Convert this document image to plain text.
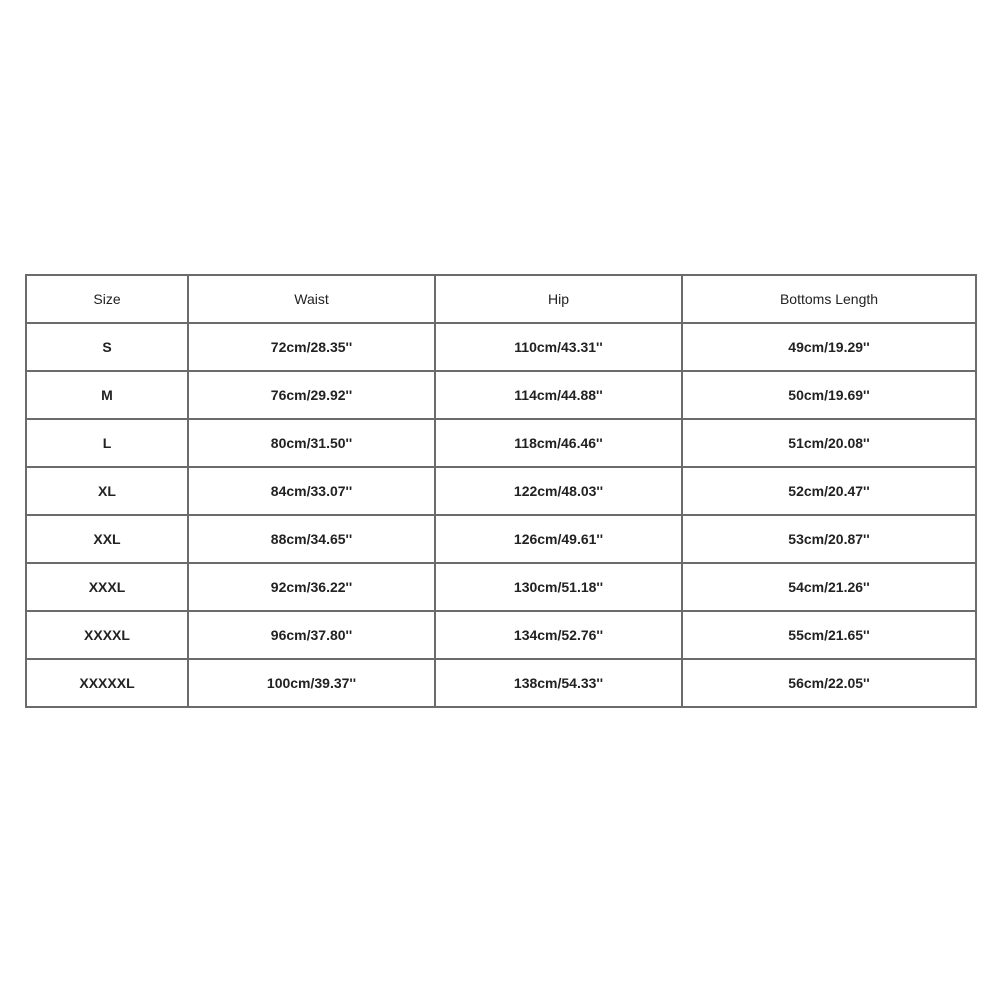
Size	Waist	Hip	Bottoms Length
S	72cm/28.35''	110cm/43.31''	49cm/19.29''
M	76cm/29.92''	114cm/44.88''	50cm/19.69''
L	80cm/31.50''	118cm/46.46''	51cm/20.08''
XL	84cm/33.07''	122cm/48.03''	52cm/20.47''
XXL	88cm/34.65''	126cm/49.61''	53cm/20.87''
XXXL	92cm/36.22''	130cm/51.18''	54cm/21.26''
XXXXL	96cm/37.80''	134cm/52.76''	55cm/21.65''
XXXXXL	100cm/39.37''	138cm/54.33''	56cm/22.05''
